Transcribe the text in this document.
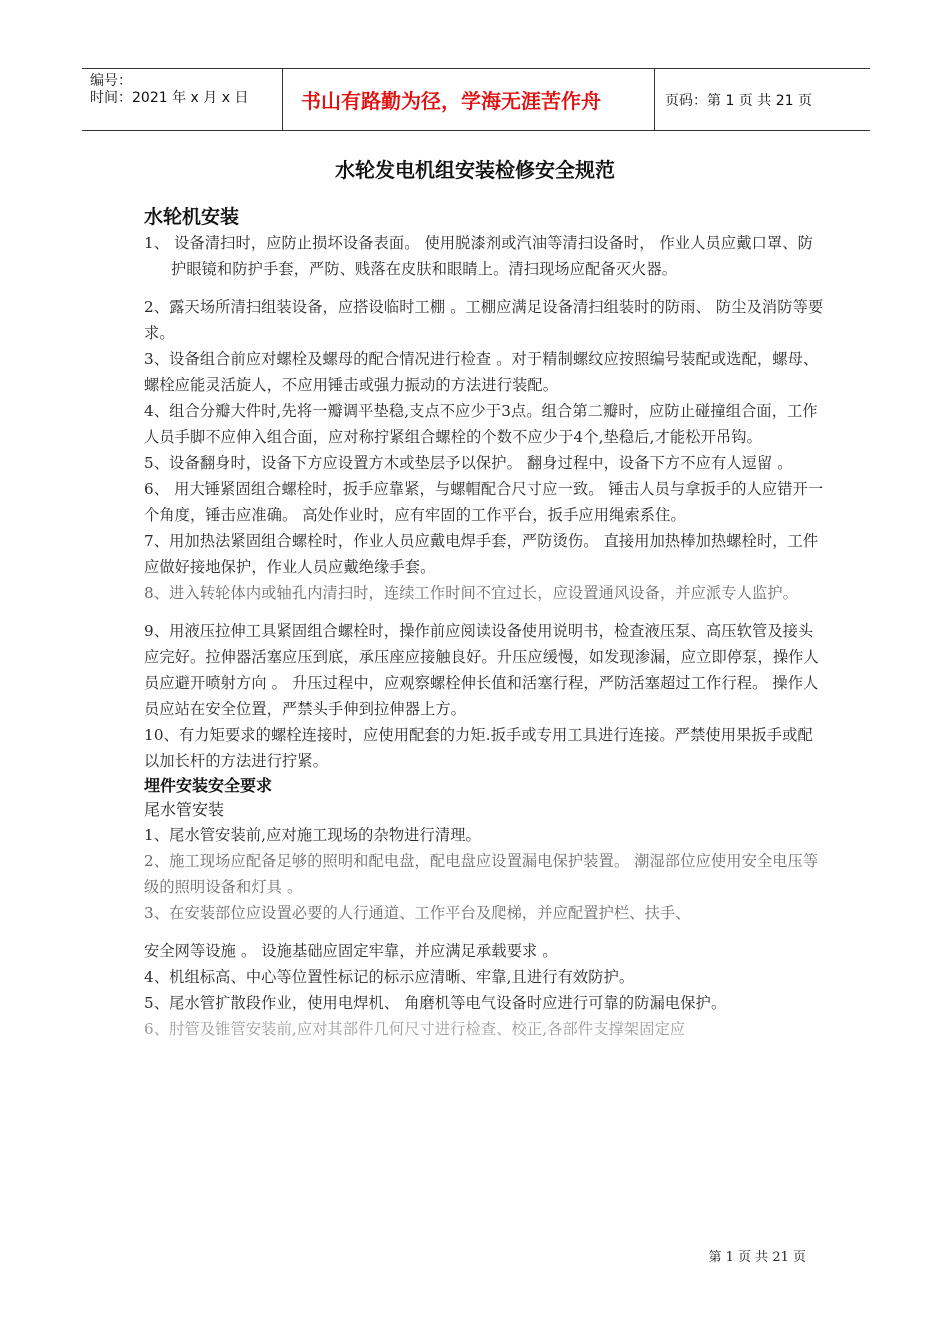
编号：
时间：2021 年 x 月 x 日	书山有路勤为径，学海无涯苦作舟	页码：第 1 页 共 21 页
水轮发电机组安装检修安全规范

水轮机安装

1、 设备清扫时，应防止损坏设备表面。 使用脱漆剂或汽油等清扫设备时， 作业人员应戴口罩、防护眼镜和防护手套，严防、贱落在皮肤和眼睛上。清扫现场应配备灭火器。

2、露天场所清扫组装设备，应搭设临时工棚 。工棚应满足设备清扫组装时的防雨、 防尘及消防等要求。

3、设备组合前应对螺栓及螺母的配合情况进行检查 。对于精制螺纹应按照编号装配或选配，螺母、 螺栓应能灵活旋人，不应用锤击或强力振动的方法进行装配。

4、组合分瓣大件时,先将一瓣调平垫稳,支点不应少于3点。组合第二瓣时，应防止碰撞组合面，工作人员手脚不应伸入组合面，应对称拧紧组合螺栓的个数不应少于4个,垫稳后,才能松开吊钩。

5、设备翻身时，设备下方应设置方木或垫层予以保护。 翻身过程中，设备下方不应有人逗留 。

6、 用大锤紧固组合螺栓时，扳手应靠紧，与螺帽配合尺寸应一致。 锤击人员与拿扳手的人应错开一个角度，锤击应准确。 高处作业时，应有牢固的工作平台，扳手应用绳索系住。

7、用加热法紧固组合螺栓时，作业人员应戴电焊手套，严防烫伤。 直接用加热棒加热螺栓时，工件应做好接地保护，作业人员应戴绝缘手套。

8、进入转轮体内或轴孔内清扫时，连续工作时间不宜过长，应设置通风设备，并应派专人监护。

9、用液压拉伸工具紧固组合螺栓时，操作前应阅读设备使用说明书，检查液压泵、高压软管及接头应完好。拉伸器活塞应压到底，承压座应接触良好。升压应缓慢，如发现渗漏，应立即停泵，操作人员应避开喷射方向 。 升压过程中，应观察螺栓伸长值和活塞行程，严防活塞超过工作行程。 操作人员应站在安全位置，严禁头手伸到拉伸器上方。

10、有力矩要求的螺栓连接时，应使用配套的力矩.扳手或专用工具进行连接。严禁使用果扳手或配以加长杆的方法进行拧紧。

埋件安装安全要求

尾水管安装

1、尾水管安装前,应对施工现场的杂物进行清理。

2、施工现场应配备足够的照明和配电盘，配电盘应设置漏电保护装置。 潮湿部位应使用安全电压等级的照明设备和灯具 。

3、在安装部位应设置必要的人行通道、工作平台及爬梯，并应配置护栏、扶手、

安全网等设施 。 设施基础应固定牢靠，并应满足承载要求 。

4、机组标高、中心等位置性标记的标示应清晰、牢靠,且进行有效防护。

5、尾水管扩散段作业，使用电焊机、 角磨机等电气设备时应进行可靠的防漏电保护。

6、肘管及锥管安装前,应对其部件几何尺寸进行检查、校正,各部件支撑架固定应

第 1 页 共 21 页
